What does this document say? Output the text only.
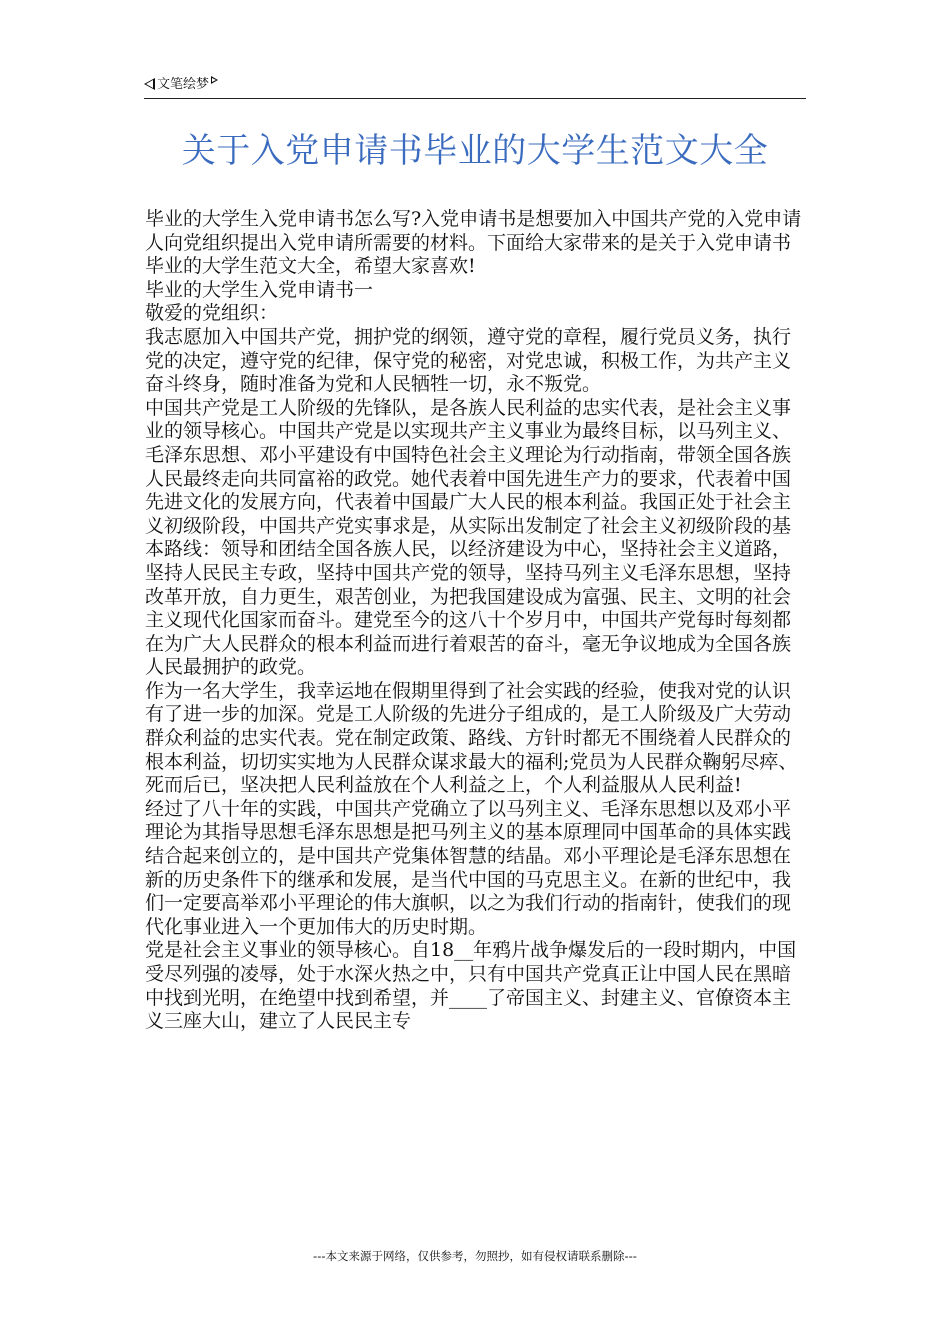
文笔绘梦
关于入党申请书毕业的大学生范文大全

毕业的大学生入党申请书怎么写?入党申请书是想要加入中国共产党的入党申请人向党组织提出入党申请所需要的材料。下面给大家带来的是关于入党申请书毕业的大学生范文大全，希望大家喜欢!

毕业的大学生入党申请书一

敬爱的党组织：

我志愿加入中国共产党，拥护党的纲领，遵守党的章程，履行党员义务，执行党的决定，遵守党的纪律，保守党的秘密，对党忠诚，积极工作，为共产主义奋斗终身，随时准备为党和人民牺牲一切，永不叛党。

中国共产党是工人阶级的先锋队，是各族人民利益的忠实代表，是社会主义事业的领导核心。中国共产党是以实现共产主义事业为最终目标，以马列主义、毛泽东思想、邓小平建设有中国特色社会主义理论为行动指南，带领全国各族人民最终走向共同富裕的政党。她代表着中国先进生产力的要求，代表着中国先进文化的发展方向，代表着中国最广大人民的根本利益。我国正处于社会主义初级阶段，中国共产党实事求是，从实际出发制定了社会主义初级阶段的基本路线：领导和团结全国各族人民，以经济建设为中心，坚持社会主义道路，坚持人民民主专政，坚持中国共产党的领导，坚持马列主义毛泽东思想，坚持改革开放，自力更生，艰苦创业，为把我国建设成为富强、民主、文明的社会主义现代化国家而奋斗。建党至今的这八十个岁月中，中国共产党每时每刻都在为广大人民群众的根本利益而进行着艰苦的奋斗，毫无争议地成为全国各族人民最拥护的政党。

作为一名大学生，我幸运地在假期里得到了社会实践的经验，使我对党的认识有了进一步的加深。党是工人阶级的先进分子组成的，是工人阶级及广大劳动群众利益的忠实代表。党在制定政策、路线、方针时都无不围绕着人民群众的根本利益，切切实实地为人民群众谋求最大的福利;党员为人民群众鞠躬尽瘁、死而后已，坚决把人民利益放在个人利益之上，个人利益服从人民利益!

经过了八十年的实践，中国共产党确立了以马列主义、毛泽东思想以及邓小平理论为其指导思想毛泽东思想是把马列主义的基本原理同中国革命的具体实践结合起来创立的，是中国共产党集体智慧的结晶。邓小平理论是毛泽东思想在新的历史条件下的继承和发展，是当代中国的马克思主义。在新的世纪中，我们一定要高举邓小平理论的伟大旗帜，以之为我们行动的指南针，使我们的现代化事业进入一个更加伟大的历史时期。

党是社会主义事业的领导核心。自18__年鸦片战争爆发后的一段时期内，中国受尽列强的凌辱，处于水深火热之中，只有中国共产党真正让中国人民在黑暗中找到光明，在绝望中找到希望，并____了帝国主义、封建主义、官僚资本主义三座大山，建立了人民民主专

---本文来源于网络，仅供参考，勿照抄，如有侵权请联系删除---
